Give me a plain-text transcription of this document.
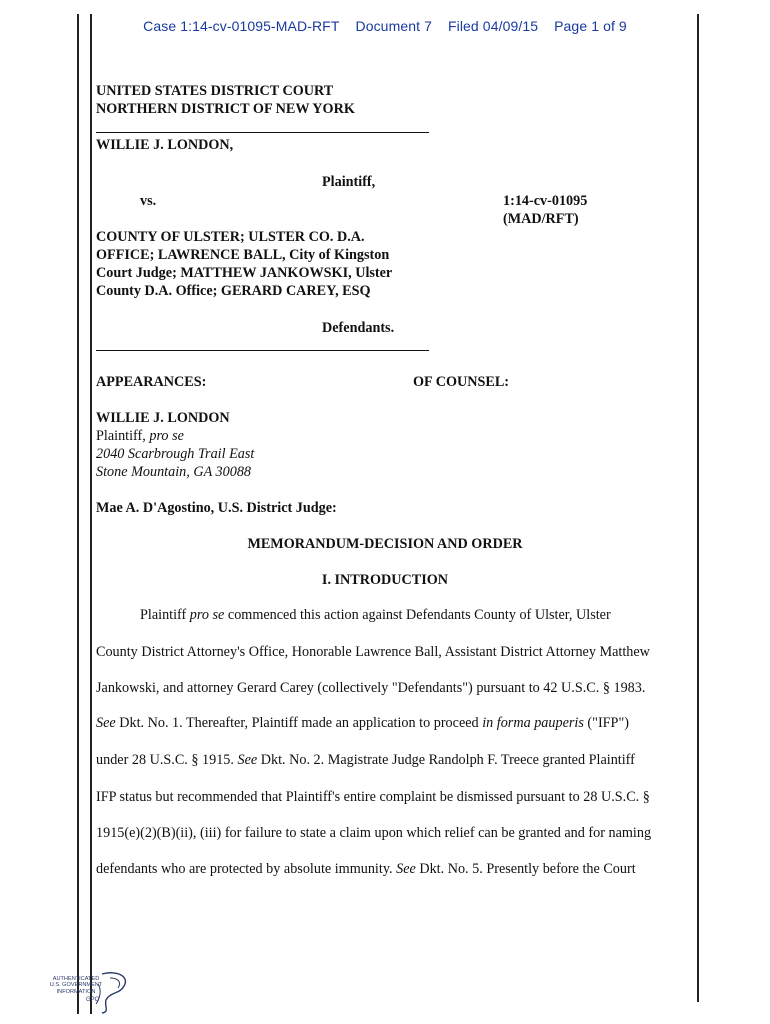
Case 1:14-cv-01095-MAD-RFT Document 7 Filed 04/09/15 Page 1 of 9
UNITED STATES DISTRICT COURT
NORTHERN DISTRICT OF NEW YORK
WILLIE J. LONDON,
Plaintiff,
vs.	1:14-cv-01095
(MAD/RFT)
COUNTY OF ULSTER; ULSTER CO. D.A.
OFFICE; LAWRENCE BALL, City of Kingston
Court Judge; MATTHEW JANKOWSKI, Ulster
County D.A. Office; GERARD CAREY, ESQ
Defendants.
APPEARANCES:	OF COUNSEL:
WILLIE J. LONDON
Plaintiff, pro se
2040 Scarbrough Trail East
Stone Mountain, GA 30088
Mae A. D'Agostino, U.S. District Judge:
MEMORANDUM-DECISION AND ORDER
I. INTRODUCTION
Plaintiff pro se commenced this action against Defendants County of Ulster, Ulster
County District Attorney's Office, Honorable Lawrence Ball, Assistant District Attorney Matthew
Jankowski, and attorney Gerard Carey (collectively "Defendants") pursuant to 42 U.S.C. § 1983.
See Dkt. No. 1. Thereafter, Plaintiff made an application to proceed in forma pauperis ("IFP")
under 28 U.S.C. § 1915. See Dkt. No. 2. Magistrate Judge Randolph F. Treece granted Plaintiff
IFP status but recommended that Plaintiff's entire complaint be dismissed pursuant to 28 U.S.C. §
1915(e)(2)(B)(ii), (iii) for failure to state a claim upon which relief can be granted and for naming
defendants who are protected by absolute immunity. See Dkt. No. 5. Presently before the Court
AUTHENTICATED
U.S. GOVERNMENT
INFORMATION
GPO
